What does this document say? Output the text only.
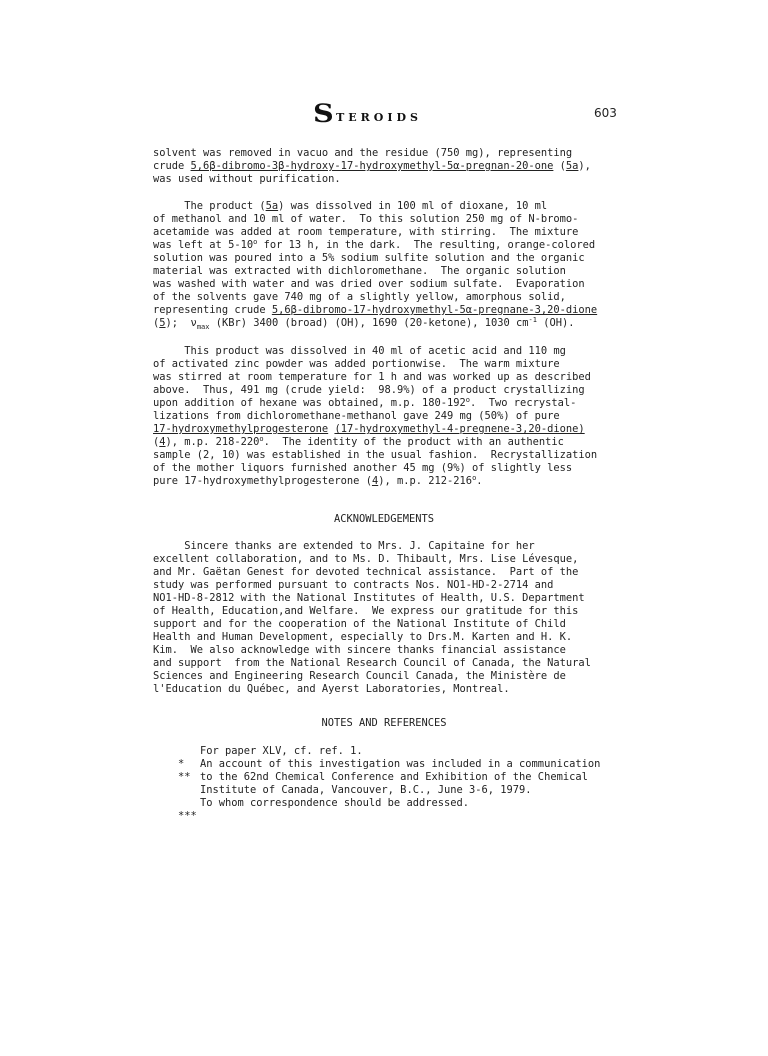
S TEROIDS	603
solvent was removed in vacuo and the residue (750 mg), representing
crude 5,6β-dibromo-3β-hydroxy-17-hydroxymethyl-5α-pregnan-20-one (5a),
was used without purification.
The product (5a) was dissolved in 100 ml of dioxane, 10 ml
of methanol and 10 ml of water.  To this solution 250 mg of N-bromo-
acetamide was added at room temperature, with stirring.  The mixture
was left at 5-10$^o$ for 13 h, in the dark.  The resulting, orange-colored
solution was poured into a 5% sodium sulfite solution and the organic
material was extracted with dichloromethane.  The organic solution
was washed with water and was dried over sodium sulfate.  Evaporation
of the solvents gave 740 mg of a slightly yellow, amorphous solid,
representing crude 5,6β-dibromo-17-hydroxymethyl-5α-pregnane-3,20-dione
(5);  $\nu_{max}$ (KBr) 3400 (broad) (OH), 1690 (20-ketone), 1030 $cm^{-1}$ (OH).
This product was dissolved in 40 ml of acetic acid and 110 mg
of activated zinc powder was added portionwise.  The warm mixture
was stirred at room temperature for 1 h and was worked up as described
above.  Thus, 491 mg (crude yield:  98.9%) of a product crystallizing
upon addition of hexane was obtained, m.p. 180-192$^o$.  Two recrystal-
lizations from dichloromethane-methanol gave 249 mg (50%) of pure
17-hydroxymethylprogesterone (17-hydroxymethyl-4-pregnene-3,20-dione)
(4), m.p. 218-220$^o$.  The identity of the product with an authentic
sample (2, 10) was established in the usual fashion.  Recrystallization
of the mother liquors furnished another 45 mg (9%) of slightly less
pure 17-hydroxymethylprogesterone (4), m.p. 212-216$^o$.
ACKNOWLEDGEMENTS
Sincere thanks are extended to Mrs. J. Capitaine for her
excellent collaboration, and to Ms. D. Thibault, Mrs. Lise Lévesque,
and Mr. Gaëtan Genest for devoted technical assistance.  Part of the
study was performed pursuant to contracts Nos. NO1-HD-2-2714 and
NO1-HD-8-2812 with the National Institutes of Health, U.S. Department
of Health, Education,and Welfare.  We express our gratitude for this
support and for the cooperation of the National Institute of Child
Health and Human Development, especially to Drs.M. Karten and H. K.
Kim.  We also acknowledge with sincere thanks financial assistance
and support  from the National Research Council of Canada, the Natural
Sciences and Engineering Research Council Canada, the Ministère de
l'Education du Québec, and Ayerst Laboratories, Montreal.
NOTES AND REFERENCES

*

For paper XLV, cf. ref. 1.

**

An account of this investigation was included in a communication
to the 62nd Chemical Conference and Exhibition of the Chemical
Institute of Canada, Vancouver, B.C., June 3-6, 1979.

***

To whom correspondence should be addressed.
